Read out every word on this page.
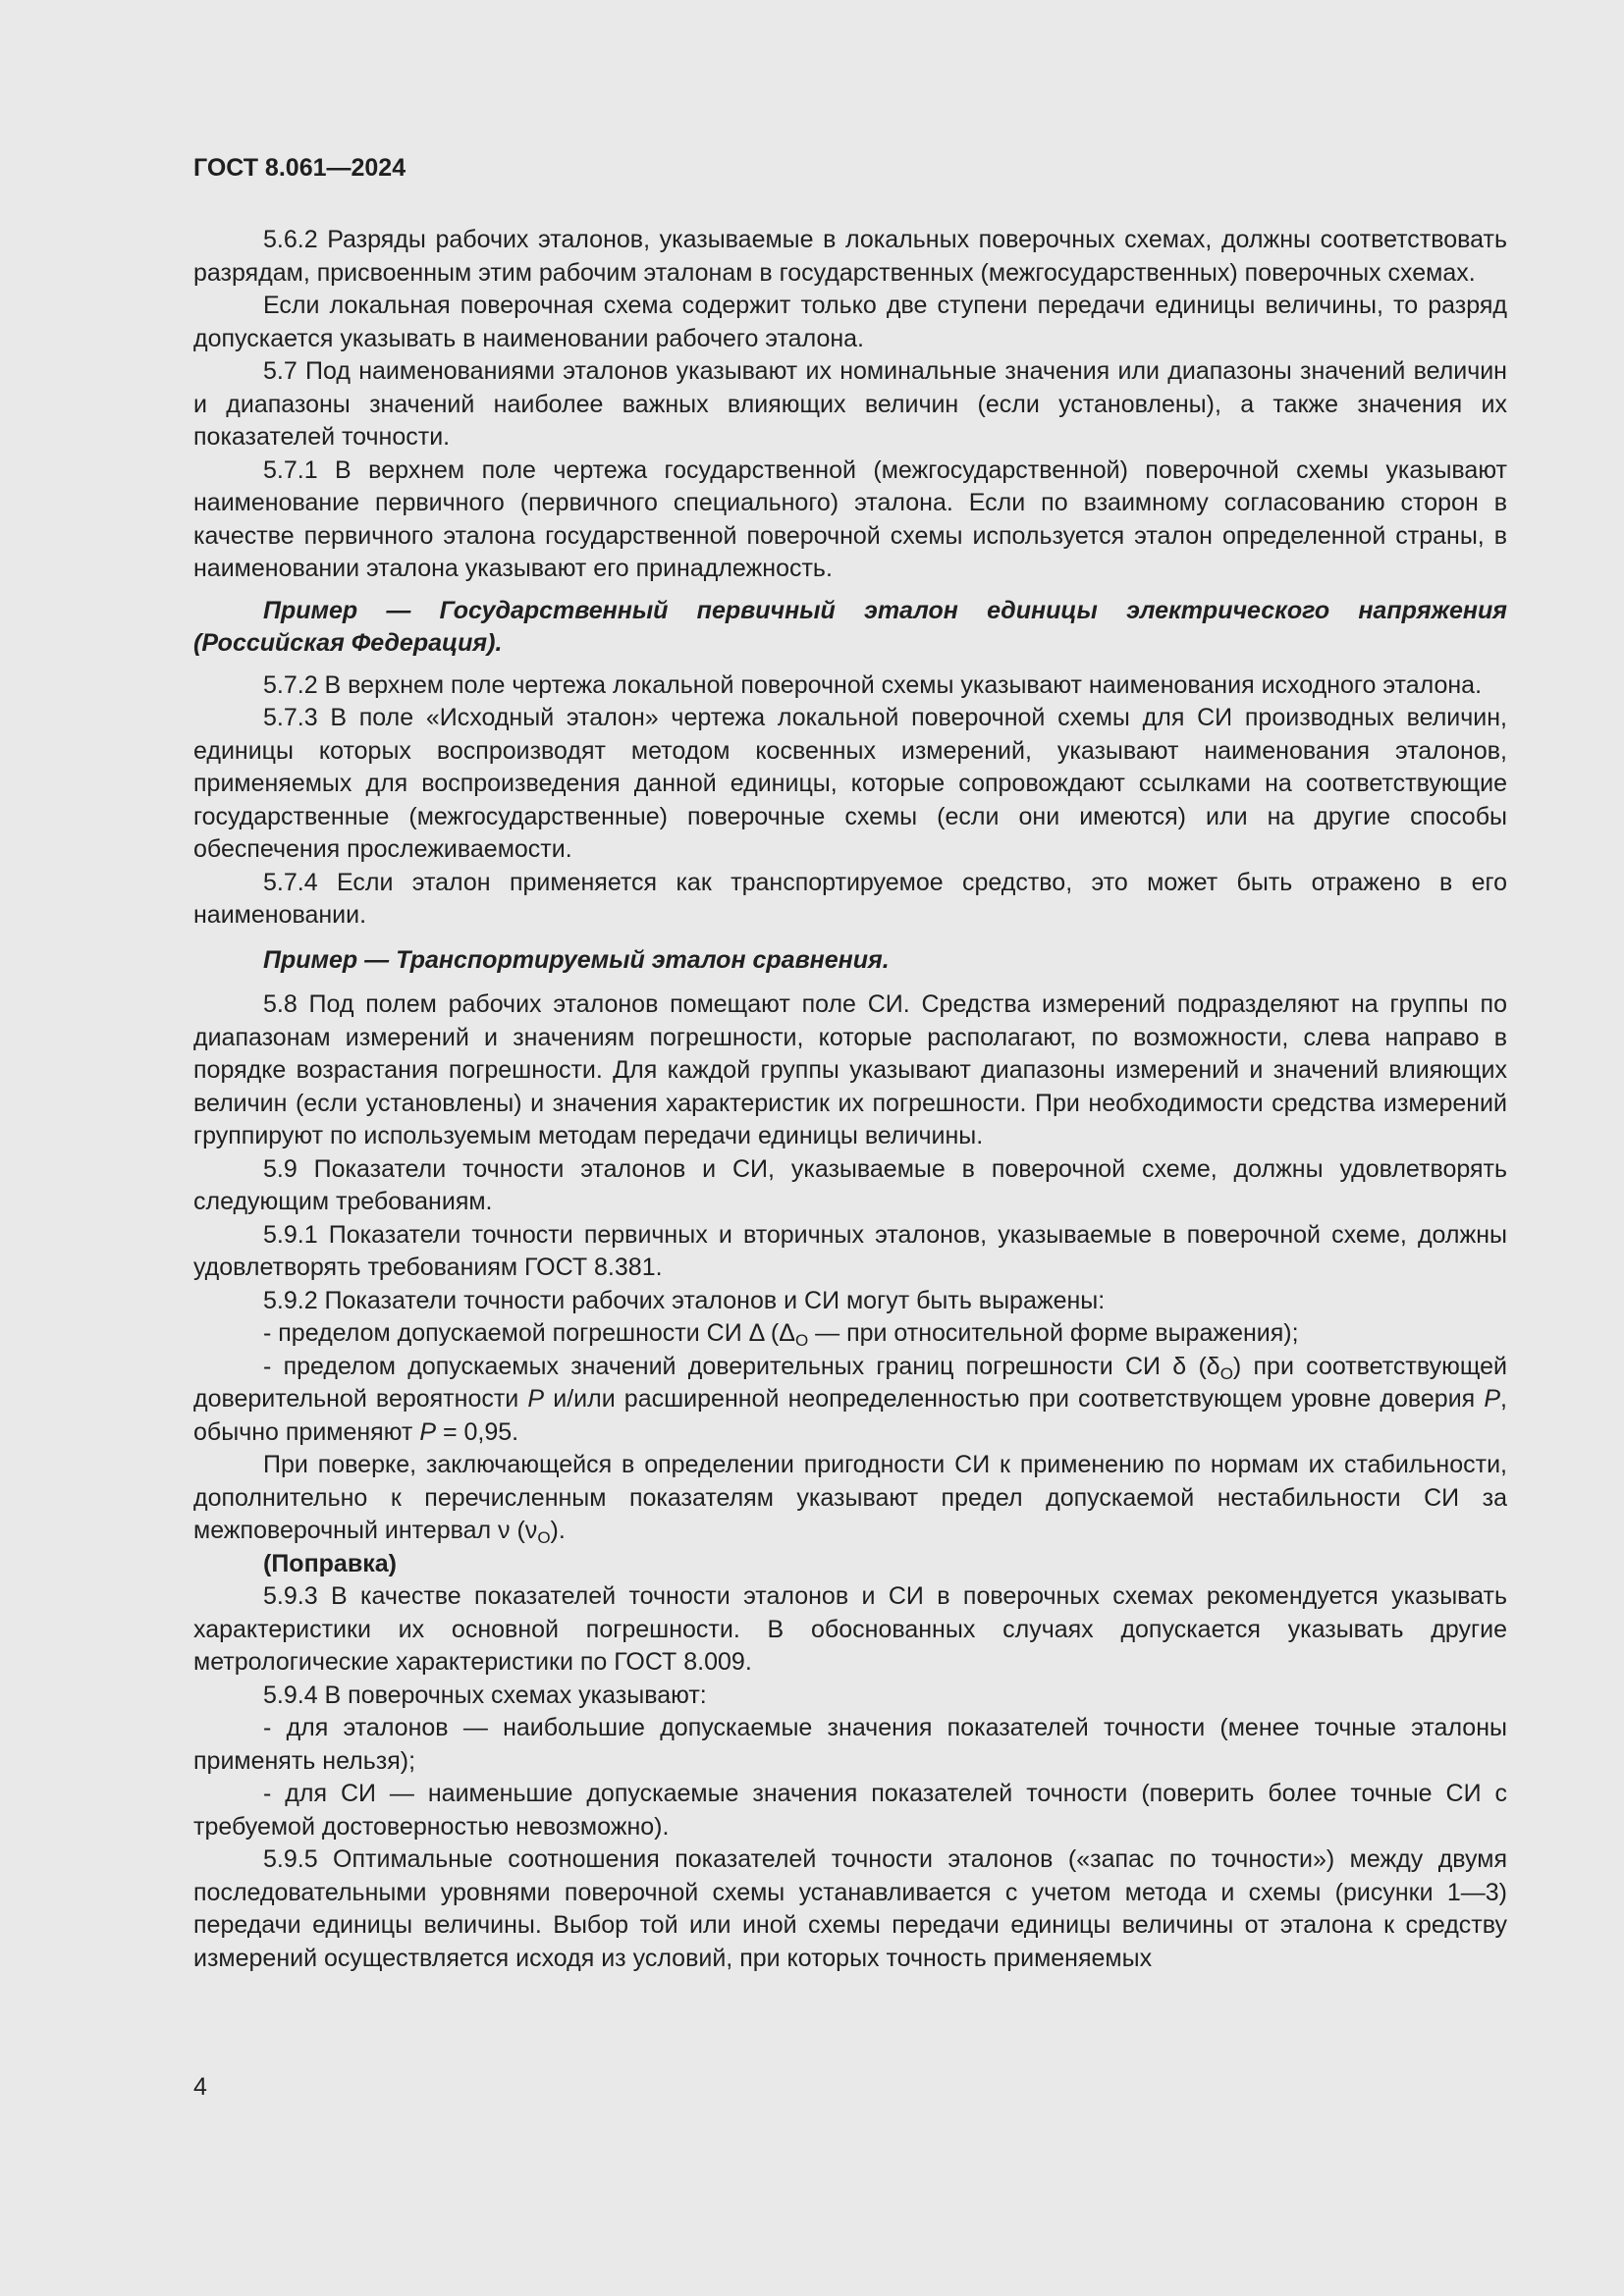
ГОСТ 8.061—2024

5.6.2 Разряды рабочих эталонов, указываемые в локальных поверочных схемах, должны соответствовать разрядам, присвоенным этим рабочим эталонам в государственных (межгосударственных) поверочных схемах.

Если локальная поверочная схема содержит только две ступени передачи единицы величины, то разряд допускается указывать в наименовании рабочего эталона.

5.7 Под наименованиями эталонов указывают их номинальные значения или диапазоны значений величин и диапазоны значений наиболее важных влияющих величин (если установлены), а также значения их показателей точности.

5.7.1 В верхнем поле чертежа государственной (межгосударственной) поверочной схемы указывают наименование первичного (первичного специального) эталона. Если по взаимному согласованию сторон в качестве первичного эталона государственной поверочной схемы используется эталон определенной страны, в наименовании эталона указывают его принадлежность.

Пример — Государственный первичный эталон единицы электрического напряжения (Российская Федерация).

5.7.2 В верхнем поле чертежа локальной поверочной схемы указывают наименования исходного эталона.

5.7.3 В поле «Исходный эталон» чертежа локальной поверочной схемы для СИ производных величин, единицы которых воспроизводят методом косвенных измерений, указывают наименования эталонов, применяемых для воспроизведения данной единицы, которые сопровождают ссылками на соответствующие государственные (межгосударственные) поверочные схемы (если они имеются) или на другие способы обеспечения прослеживаемости.

5.7.4 Если эталон применяется как транспортируемое средство, это может быть отражено в его наименовании.

Пример — Транспортируемый эталон сравнения.

5.8 Под полем рабочих эталонов помещают поле СИ. Средства измерений подразделяют на группы по диапазонам измерений и значениям погрешности, которые располагают, по возможности, слева направо в порядке возрастания погрешности. Для каждой группы указывают диапазоны измерений и значений влияющих величин (если установлены) и значения характеристик их погрешности. При необходимости средства измерений группируют по используемым методам передачи единицы величины.

5.9 Показатели точности эталонов и СИ, указываемые в поверочной схеме, должны удовлетворять следующим требованиям.

5.9.1 Показатели точности первичных и вторичных эталонов, указываемые в поверочной схеме, должны удовлетворять требованиям ГОСТ 8.381.

5.9.2 Показатели точности рабочих эталонов и СИ могут быть выражены:

- пределом допускаемой погрешности СИ Δ ($\Delta_O$ — при относительной форме выражения);

- пределом допускаемых значений доверительных границ погрешности СИ δ $(\delta_O)$ при соответствующей доверительной вероятности P и/или расширенной неопределенностью при соответствующем уровне доверия P, обычно применяют P = 0,95.

При поверке, заключающейся в определении пригодности СИ к применению по нормам их стабильности, дополнительно к перечисленным показателям указывают предел допускаемой нестабильности СИ за межповерочный интервал ν $(\nu_O)$.

(Поправка)

5.9.3 В качестве показателей точности эталонов и СИ в поверочных схемах рекомендуется указывать характеристики их основной погрешности. В обоснованных случаях допускается указывать другие метрологические характеристики по ГОСТ 8.009.

5.9.4 В поверочных схемах указывают:

- для эталонов — наибольшие допускаемые значения показателей точности (менее точные эталоны применять нельзя);

- для СИ — наименьшие допускаемые значения показателей точности (поверить более точные СИ с требуемой достоверностью невозможно).

5.9.5 Оптимальные соотношения показателей точности эталонов («запас по точности») между двумя последовательными уровнями поверочной схемы устанавливается с учетом метода и схемы (рисунки 1—3) передачи единицы величины. Выбор той или иной схемы передачи единицы величины от эталона к средству измерений осуществляется исходя из условий, при которых точность применяемых

4
